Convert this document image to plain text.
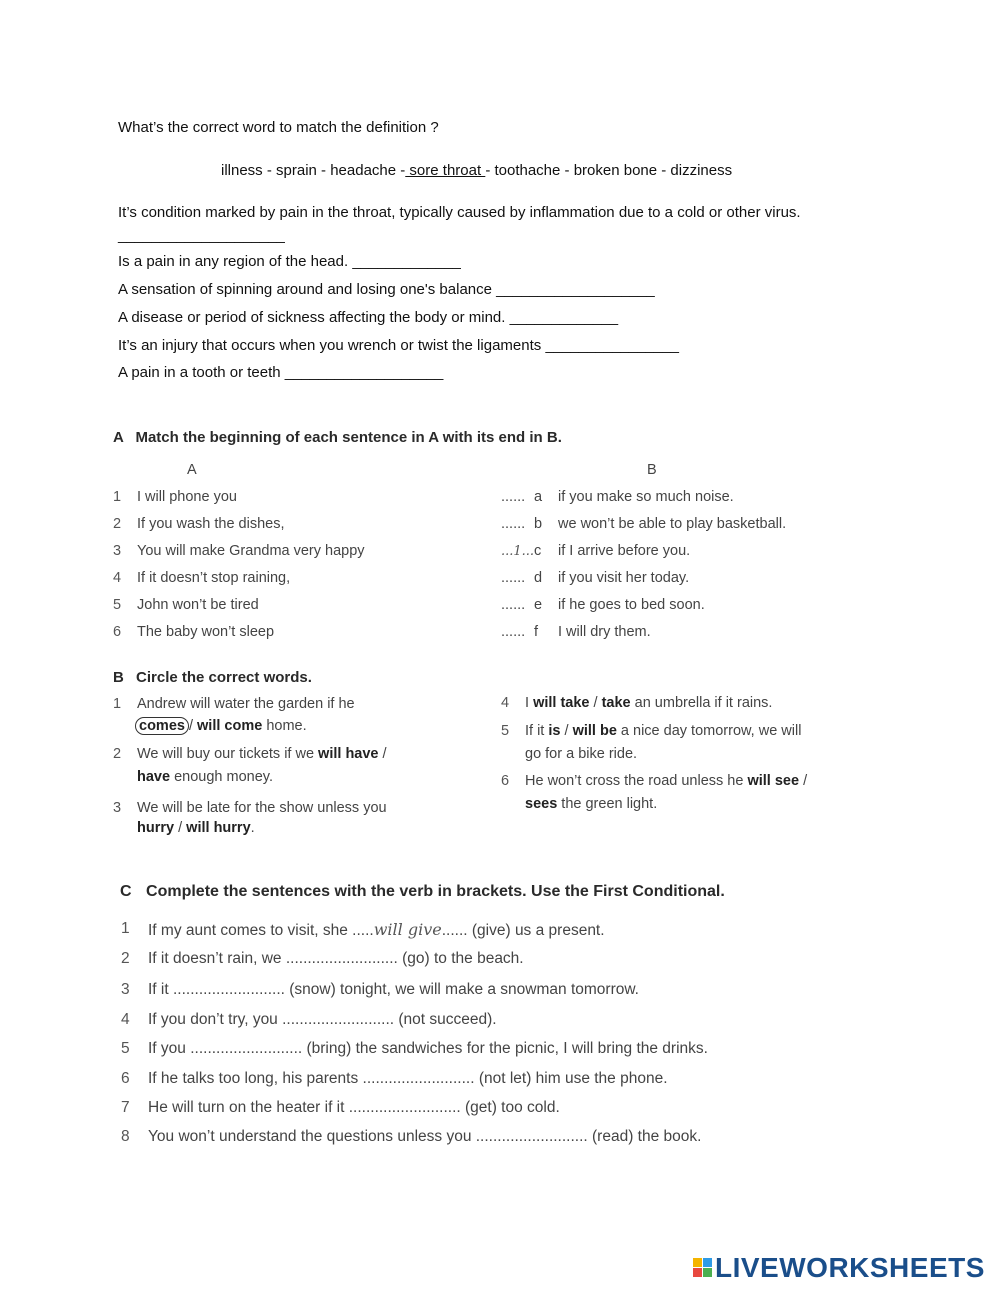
What’s the correct word to match the definition ?
illness - sprain - headache - sore throat - toothache - broken bone - dizziness
It’s condition marked by pain in the throat, typically caused by inflammation due to a cold or other virus.
____________________
Is a pain in any region of the head. _____________
A sensation of spinning around and losing one's balance ___________________
A disease or period of sickness affecting the body or mind. _____________
It’s an injury that occurs when you wrench or twist the ligaments ________________
A pain in a tooth or teeth ___________________
A Match the beginning of each sentence in A with its end in B.
A	B
1 I will phone you
2 If you wash the dishes,
3 You will make Grandma very happy
4 If it doesn’t stop raining,
5 John won’t be tired
6 The baby won’t sleep
...... a if you make so much noise.
...... b we won’t be able to play basketball.
...1... c if I arrive before you.
...... d if you visit her today.
...... e if he goes to bed soon.
...... f I will dry them.
B Circle the correct words.
1 Andrew will water the garden if he
comes / will come home.
2 We will buy our tickets if we will have /
have enough money.
3 We will be late for the show unless you
hurry / will hurry.
4 I will take / take an umbrella if it rains.
5 If it is / will be a nice day tomorrow, we will
go for a bike ride.
6 He won’t cross the road unless he will see /
sees the green light.
C Complete the sentences with the verb in brackets. Use the First Conditional.
1 If my aunt comes to visit, she .....will give...... (give) us a present.
2 If it doesn’t rain, we .......................... (go) to the beach.
3 If it .......................... (snow) tonight, we will make a snowman tomorrow.
4 If you don’t try, you .......................... (not succeed).
5 If you .......................... (bring) the sandwiches for the picnic, I will bring the drinks.
6 If he talks too long, his parents .......................... (not let) him use the phone.
7 He will turn on the heater if it .......................... (get) too cold.
8 You won’t understand the questions unless you .......................... (read) the book.
LIVEWORKSHEETS
